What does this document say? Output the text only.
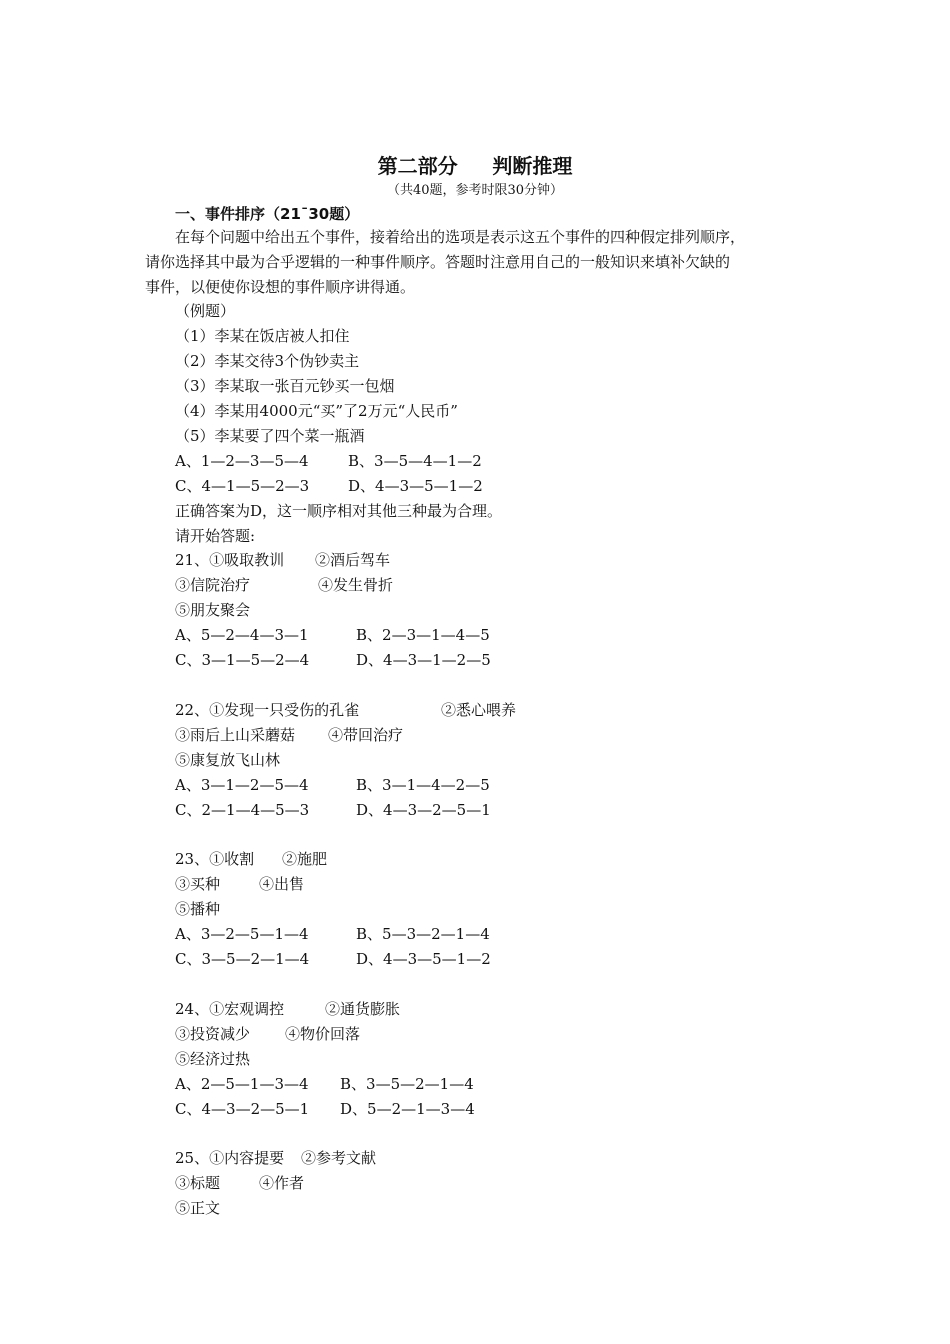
第二部分     判断推理
（共40题，参考时限30分钟）
一、事件排序（21¯30题）
在每个问题中给出五个事件，接着给出的选项是表示这五个事件的四种假定排列顺序，
请你选择其中最为合乎逻辑的一种事件顺序。答题时注意用自己的一般知识来填补欠缺的
事件，以便使你设想的事件顺序讲得通。
（例题）
（1）李某在饭店被人扣住
（2）李某交待3个伪钞卖主
（3）李某取一张百元钞买一包烟
（4）李某用4000元“买”了2万元“人民币”
（5）李某要了四个菜一瓶酒
A、1—2—3—5—4	B、3—5—4—1—2
C、4—1—5—2—3	D、4—3—5—1—2
正确答案为D，这一顺序相对其他三种最为合理。
请开始答题:
21、①吸取教训 ②酒后驾车
③信院治疗	④发生骨折
⑤朋友聚会
A、5—2—4—3—1	B、2—3—1—4—5
C、3—1—5—2—4	D、4—3—1—2—5
22、①发现一只受伤的孔雀	②悉心喂养
③雨后上山采蘑菇 ④带回治疗
⑤康复放飞山林
A、3—1—2—5—4	B、3—1—4—2—5
C、2—1—4—5—3	D、4—3—2—5—1
23、①收割 ②施肥
③买种	④出售
⑤播种
A、3—2—5—1—4	B、5—3—2—1—4
C、3—5—2—1—4	D、4—3—5—1—2
24、①宏观调控	②通货膨胀
③投资减少 ④物价回落
⑤经济过热
A、2—5—1—3—4 B、3—5—2—1—4
C、4—3—2—5—1 D、5—2—1—3—4
25、①内容提要 ②参考文献
③标题	④作者
⑤正文
